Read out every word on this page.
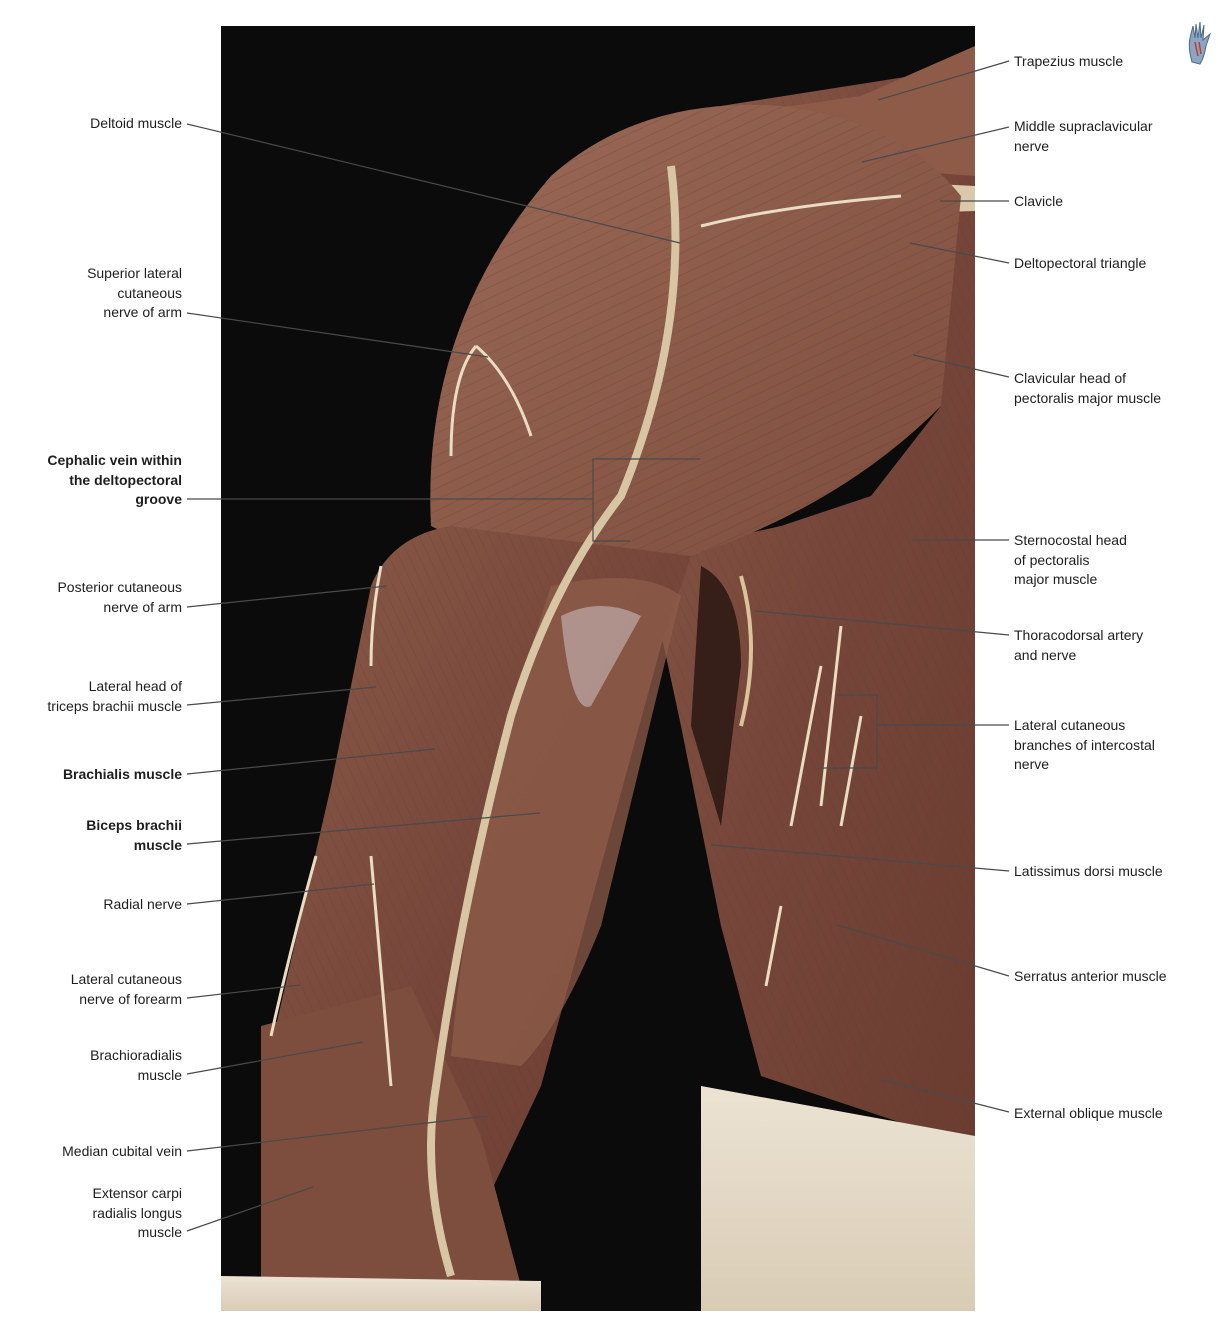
Deltoid muscle
Superior lateral
cutaneous
nerve of arm
Cephalic vein within
the deltopectoral
groove
Posterior cutaneous
nerve of arm
Lateral head of
triceps brachii muscle
Brachialis muscle
Biceps brachii
muscle
Radial nerve
Lateral cutaneous
nerve of forearm
Brachioradialis
muscle
Median cubital vein
Extensor carpi
radialis longus
muscle
Trapezius muscle
Middle supraclavicular
nerve
Clavicle
Deltopectoral triangle
Clavicular head of
pectoralis major muscle
Sternocostal head
of pectoralis
major muscle
Thoracodorsal artery
and nerve
Lateral cutaneous
branches of intercostal
nerve
Latissimus dorsi muscle
Serratus anterior muscle
External oblique muscle
